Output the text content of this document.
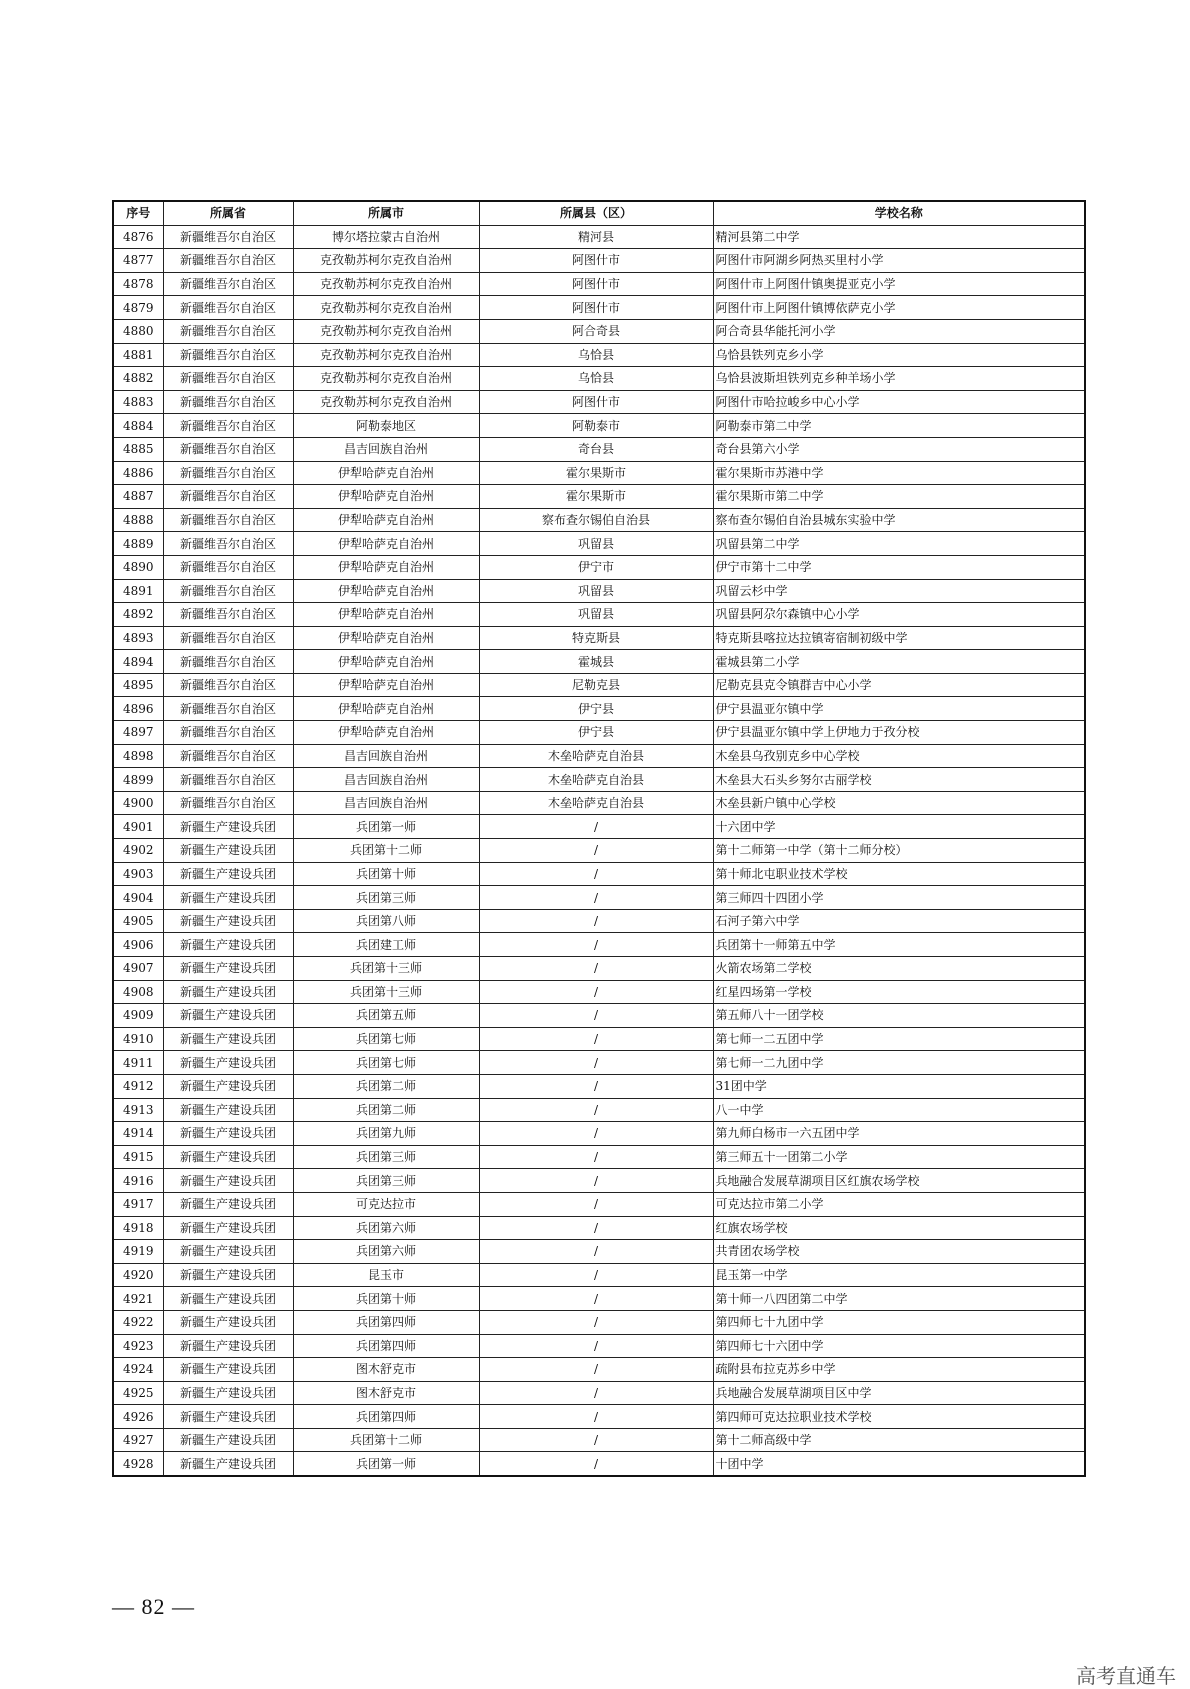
序号	所属省	所属市	所属县（区）	学校名称
4876	新疆维吾尔自治区	博尔塔拉蒙古自治州	精河县	精河县第二中学
4877	新疆维吾尔自治区	克孜勒苏柯尔克孜自治州	阿图什市	阿图什市阿湖乡阿热买里村小学
4878	新疆维吾尔自治区	克孜勒苏柯尔克孜自治州	阿图什市	阿图什市上阿图什镇奥提亚克小学
4879	新疆维吾尔自治区	克孜勒苏柯尔克孜自治州	阿图什市	阿图什市上阿图什镇博依萨克小学
4880	新疆维吾尔自治区	克孜勒苏柯尔克孜自治州	阿合奇县	阿合奇县华能托河小学
4881	新疆维吾尔自治区	克孜勒苏柯尔克孜自治州	乌恰县	乌恰县铁列克乡小学
4882	新疆维吾尔自治区	克孜勒苏柯尔克孜自治州	乌恰县	乌恰县波斯坦铁列克乡种羊场小学
4883	新疆维吾尔自治区	克孜勒苏柯尔克孜自治州	阿图什市	阿图什市哈拉峻乡中心小学
4884	新疆维吾尔自治区	阿勒泰地区	阿勒泰市	阿勒泰市第二中学
4885	新疆维吾尔自治区	昌吉回族自治州	奇台县	奇台县第六小学
4886	新疆维吾尔自治区	伊犁哈萨克自治州	霍尔果斯市	霍尔果斯市苏港中学
4887	新疆维吾尔自治区	伊犁哈萨克自治州	霍尔果斯市	霍尔果斯市第二中学
4888	新疆维吾尔自治区	伊犁哈萨克自治州	察布查尔锡伯自治县	察布查尔锡伯自治县城东实验中学
4889	新疆维吾尔自治区	伊犁哈萨克自治州	巩留县	巩留县第二中学
4890	新疆维吾尔自治区	伊犁哈萨克自治州	伊宁市	伊宁市第十二中学
4891	新疆维吾尔自治区	伊犁哈萨克自治州	巩留县	巩留云杉中学
4892	新疆维吾尔自治区	伊犁哈萨克自治州	巩留县	巩留县阿尕尔森镇中心小学
4893	新疆维吾尔自治区	伊犁哈萨克自治州	特克斯县	特克斯县喀拉达拉镇寄宿制初级中学
4894	新疆维吾尔自治区	伊犁哈萨克自治州	霍城县	霍城县第二小学
4895	新疆维吾尔自治区	伊犁哈萨克自治州	尼勒克县	尼勒克县克令镇群吉中心小学
4896	新疆维吾尔自治区	伊犁哈萨克自治州	伊宁县	伊宁县温亚尔镇中学
4897	新疆维吾尔自治区	伊犁哈萨克自治州	伊宁县	伊宁县温亚尔镇中学上伊地力于孜分校
4898	新疆维吾尔自治区	昌吉回族自治州	木垒哈萨克自治县	木垒县乌孜别克乡中心学校
4899	新疆维吾尔自治区	昌吉回族自治州	木垒哈萨克自治县	木垒县大石头乡努尔古丽学校
4900	新疆维吾尔自治区	昌吉回族自治州	木垒哈萨克自治县	木垒县新户镇中心学校
4901	新疆生产建设兵团	兵团第一师	/	十六团中学
4902	新疆生产建设兵团	兵团第十二师	/	第十二师第一中学（第十二师分校）
4903	新疆生产建设兵团	兵团第十师	/	第十师北屯职业技术学校
4904	新疆生产建设兵团	兵团第三师	/	第三师四十四团小学
4905	新疆生产建设兵团	兵团第八师	/	石河子第六中学
4906	新疆生产建设兵团	兵团建工师	/	兵团第十一师第五中学
4907	新疆生产建设兵团	兵团第十三师	/	火箭农场第二学校
4908	新疆生产建设兵团	兵团第十三师	/	红星四场第一学校
4909	新疆生产建设兵团	兵团第五师	/	第五师八十一团学校
4910	新疆生产建设兵团	兵团第七师	/	第七师一二五团中学
4911	新疆生产建设兵团	兵团第七师	/	第七师一二九团中学
4912	新疆生产建设兵团	兵团第二师	/	31团中学
4913	新疆生产建设兵团	兵团第二师	/	八一中学
4914	新疆生产建设兵团	兵团第九师	/	第九师白杨市一六五团中学
4915	新疆生产建设兵团	兵团第三师	/	第三师五十一团第二小学
4916	新疆生产建设兵团	兵团第三师	/	兵地融合发展草湖项目区红旗农场学校
4917	新疆生产建设兵团	可克达拉市	/	可克达拉市第二小学
4918	新疆生产建设兵团	兵团第六师	/	红旗农场学校
4919	新疆生产建设兵团	兵团第六师	/	共青团农场学校
4920	新疆生产建设兵团	昆玉市	/	昆玉第一中学
4921	新疆生产建设兵团	兵团第十师	/	第十师一八四团第二中学
4922	新疆生产建设兵团	兵团第四师	/	第四师七十九团中学
4923	新疆生产建设兵团	兵团第四师	/	第四师七十六团中学
4924	新疆生产建设兵团	图木舒克市	/	疏附县布拉克苏乡中学
4925	新疆生产建设兵团	图木舒克市	/	兵地融合发展草湖项目区中学
4926	新疆生产建设兵团	兵团第四师	/	第四师可克达拉职业技术学校
4927	新疆生产建设兵团	兵团第十二师	/	第十二师高级中学
4928	新疆生产建设兵团	兵团第一师	/	十团中学
— 82 —
高考直通车
